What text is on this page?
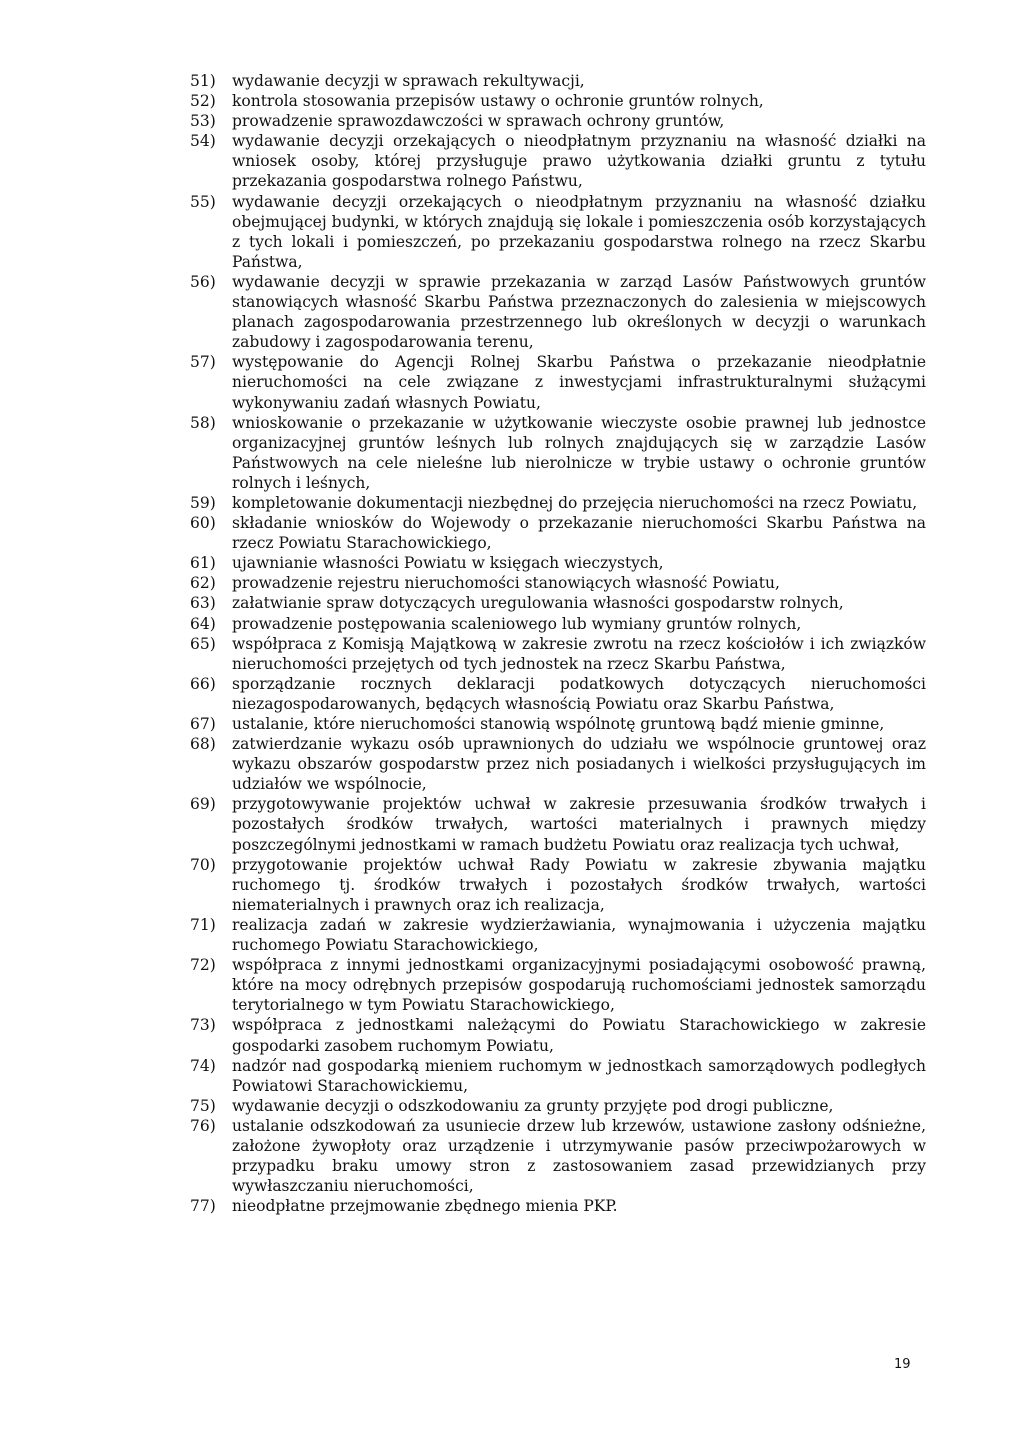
51)	wydawanie decyzji w sprawach rekultywacji,
52)	kontrola stosowania przepisów ustawy o ochronie gruntów rolnych,
53)	prowadzenie sprawozdawczości w sprawach ochrony gruntów,
54)	wydawanie decyzji orzekających o nieodpłatnym przyznaniu na własność działki na wniosek osoby, której przysługuje prawo użytkowania działki gruntu z tytułu przekazania gospodarstwa rolnego Państwu,
55)	wydawanie decyzji orzekających o nieodpłatnym przyznaniu na własność działku obejmującej budynki, w których znajdują się lokale i pomieszczenia osób korzystających z tych lokali i pomieszczeń, po przekazaniu gospodarstwa rolnego na rzecz Skarbu Państwa,
56)	wydawanie decyzji w sprawie przekazania w zarząd Lasów Państwowych gruntów stanowiących własność Skarbu Państwa przeznaczonych do zalesienia w miejscowych planach zagospodarowania przestrzennego lub określonych w decyzji o warunkach zabudowy i zagospodarowania terenu,
57)	występowanie do Agencji Rolnej Skarbu Państwa o przekazanie nieodpłatnie nieruchomości na cele związane z inwestycjami infrastrukturalnymi służącymi wykonywaniu zadań własnych Powiatu,
58)	wnioskowanie o przekazanie w użytkowanie wieczyste osobie prawnej lub jednostce organizacyjnej gruntów leśnych lub rolnych znajdujących się w zarządzie Lasów Państwowych na cele nieleśne lub nierolnicze w trybie ustawy o ochronie gruntów rolnych i leśnych,
59)	kompletowanie dokumentacji niezbędnej do przejęcia nieruchomości na rzecz Powiatu,
60)	składanie wniosków do Wojewody o przekazanie nieruchomości Skarbu Państwa na rzecz Powiatu Starachowickiego,
61)	ujawnianie własności Powiatu w księgach wieczystych,
62)	prowadzenie rejestru nieruchomości stanowiących własność Powiatu,
63)	załatwianie spraw dotyczących uregulowania własności gospodarstw rolnych,
64)	prowadzenie postępowania scaleniowego lub wymiany gruntów rolnych,
65)	współpraca z Komisją Majątkową w zakresie zwrotu na rzecz kościołów i ich związków nieruchomości przejętych od tych jednostek na rzecz Skarbu Państwa,
66)	sporządzanie rocznych deklaracji podatkowych dotyczących nieruchomości niezagospodarowanych, będących własnością Powiatu oraz Skarbu Państwa,
67)	ustalanie, które nieruchomości stanowią wspólnotę gruntową bądź mienie gminne,
68)	zatwierdzanie wykazu osób uprawnionych do udziału we wspólnocie gruntowej oraz wykazu obszarów gospodarstw przez nich posiadanych i wielkości przysługujących im udziałów we wspólnocie,
69)	przygotowywanie projektów uchwał w zakresie przesuwania środków trwałych i pozostałych środków trwałych, wartości materialnych i prawnych między poszczególnymi jednostkami w ramach budżetu Powiatu oraz realizacja tych uchwał,
70)	przygotowanie projektów uchwał Rady Powiatu w zakresie zbywania majątku ruchomego tj. środków trwałych i pozostałych środków trwałych, wartości niematerialnych i prawnych oraz ich realizacja,
71)	realizacja zadań w zakresie wydzierżawiania, wynajmowania i użyczenia majątku ruchomego Powiatu Starachowickiego,
72)	współpraca z innymi jednostkami organizacyjnymi posiadającymi osobowość prawną, które na mocy odrębnych przepisów gospodarują ruchomościami jednostek samorządu terytorialnego w tym Powiatu Starachowickiego,
73)	współpraca z jednostkami należącymi do Powiatu Starachowickiego w zakresie gospodarki zasobem ruchomym Powiatu,
74)	nadzór nad gospodarką mieniem ruchomym w jednostkach samorządowych podległych Powiatowi Starachowickiemu,
75)	wydawanie decyzji o odszkodowaniu za grunty przyjęte pod drogi publiczne,
76)	ustalanie odszkodowań za usuniecie drzew lub krzewów, ustawione zasłony odśnieżne, założone żywopłoty oraz urządzenie i utrzymywanie pasów przeciwpożarowych w przypadku braku umowy stron z zastosowaniem zasad przewidzianych przy wywłaszczaniu nieruchomości,
77)	nieodpłatne przejmowanie zbędnego mienia PKP.
19
